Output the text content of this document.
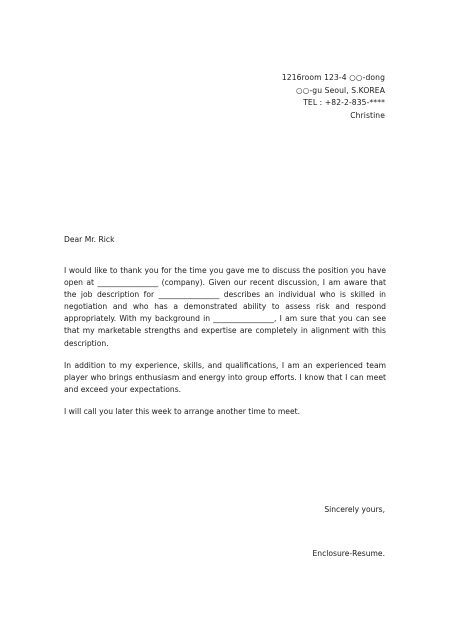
1216room 123-4 ○○-dong
○○-gu Seoul, S.KOREA
TEL : +82-2-835-****
Christine
Dear Mr. Rick

I would like to thank you for the time you gave me to discuss the position you have open at ________________ (company). Given our recent discussion, I am aware that the job description for ________________ describes an individual who is skilled in negotiation and who has a demonstrated ability to assess risk and respond appropriately. With my background in ________________, I am sure that you can see that my marketable strengths and expertise are completely in alignment with this description.

In addition to my experience, skills, and qualifications, I am an experienced team player who brings enthusiasm and energy into group efforts. I know that I can meet and exceed your expectations.

I will call you later this week to arrange another time to meet.

Sincerely yours,
Enclosure-Resume.
